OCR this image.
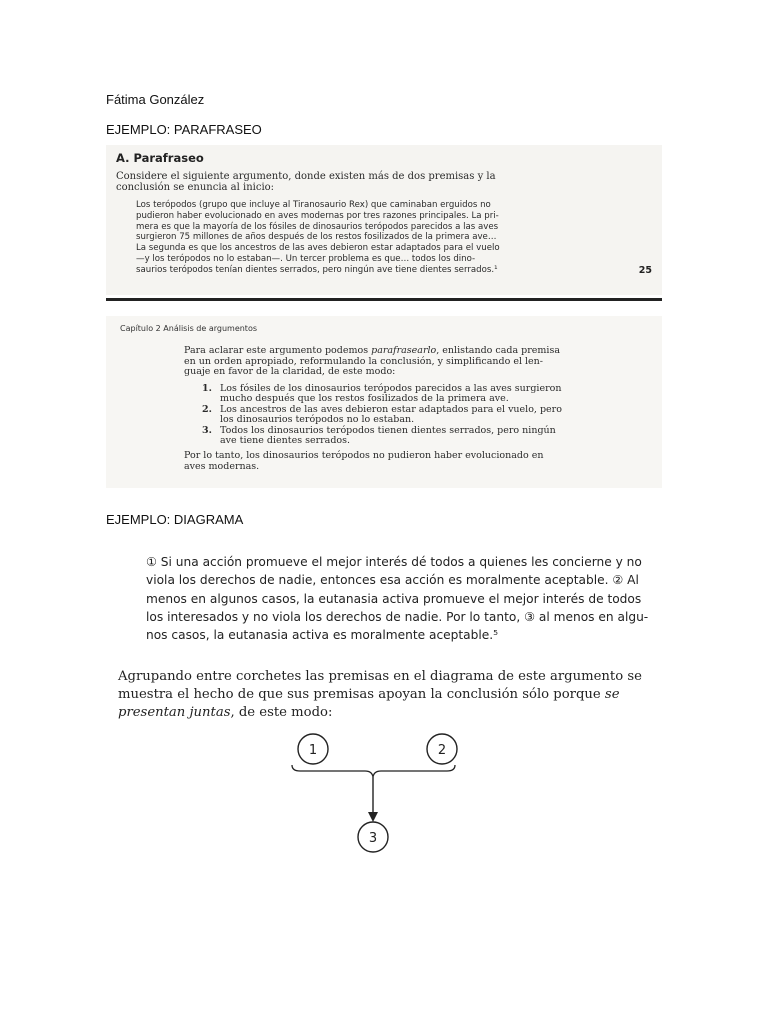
Fátima González
EJEMPLO: PARAFRASEO
A. Parafraseo

Considere el siguiente argumento, donde existen más de dos premisas y la
conclusión se enuncia al inicio:

Los terópodos (grupo que incluye al Tiranosaurio Rex) que caminaban erguidos no
pudieron haber evolucionado en aves modernas por tres razones principales. La pri-
mera es que la mayoría de los fósiles de dinosaurios terópodos parecidos a las aves
surgieron 75 millones de años después de los restos fosilizados de la primera ave…
La segunda es que los ancestros de las aves debieron estar adaptados para el vuelo
—y los terópodos no lo estaban—. Un tercer problema es que… todos los dino-
saurios terópodos tenían dientes serrados, pero ningún ave tiene dientes serrados.¹	25
Capítulo 2 Análisis de argumentos

Para aclarar este argumento podemos parafrasearlo, enlistando cada premisa
en un orden apropiado, reformulando la conclusión, y simplificando el len-
guaje en favor de la claridad, de este modo:

1. Los fósiles de los dinosaurios terópodos parecidos a las aves surgieron
mucho después que los restos fosilizados de la primera ave.
2. Los ancestros de las aves debieron estar adaptados para el vuelo, pero
los dinosaurios terópodos no lo estaban.
3. Todos los dinosaurios terópodos tienen dientes serrados, pero ningún
ave tiene dientes serrados.

Por lo tanto, los dinosaurios terópodos no pudieron haber evolucionado en
aves modernas.

EJEMPLO: DIAGRAMA

① Si una acción promueve el mejor interés dé todos a quienes les concierne y no
viola los derechos de nadie, entonces esa acción es moralmente aceptable. ② Al
menos en algunos casos, la eutanasia activa promueve el mejor interés de todos
los interesados y no viola los derechos de nadie. Por lo tanto, ③ al menos en algu-
nos casos, la eutanasia activa es moralmente aceptable.⁵

Agrupando entre corchetes las premisas en el diagrama de este argumento se
muestra el hecho de que sus premisas apoyan la conclusión sólo porque se
presentan juntas, de este modo:

1	2
3
